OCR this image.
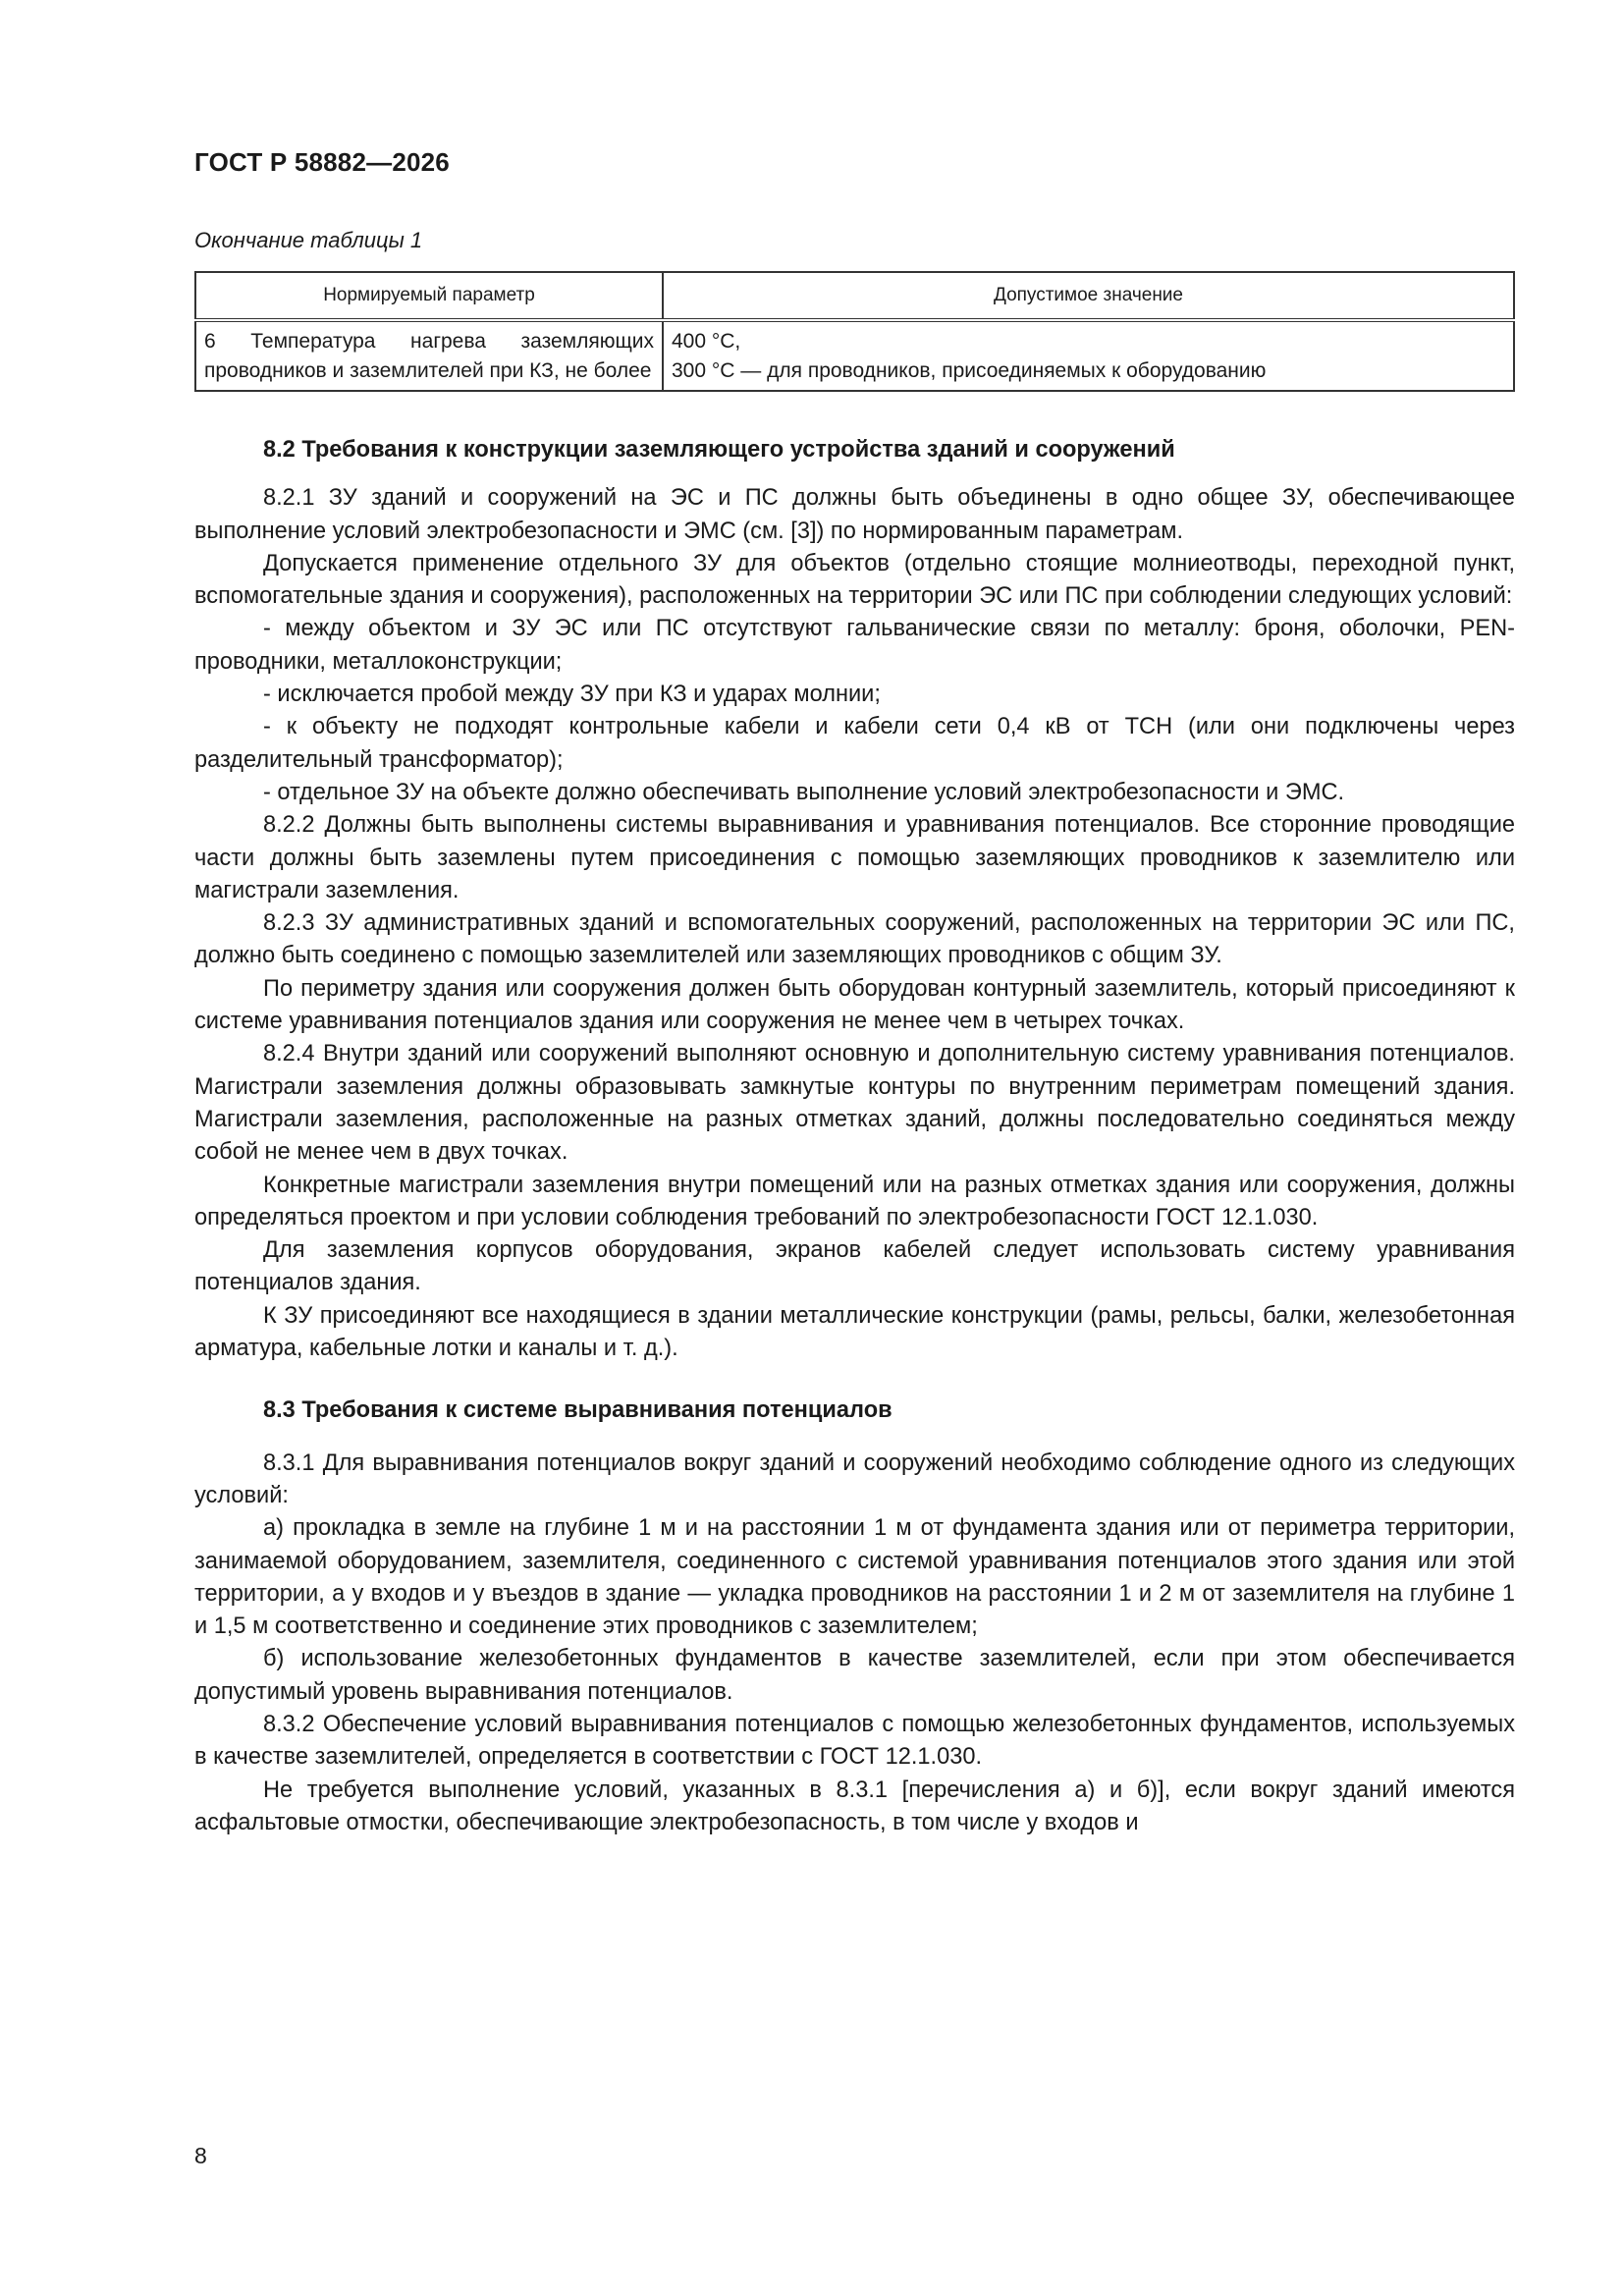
ГОСТ Р 58882—2026
Окончание таблицы 1
Нормируемый параметр	Допустимое значение
6 Температура нагрева заземляющих проводников и заземлителей при КЗ, не более	400 °С,
300 °С — для проводников, присоединяемых к оборудованию

8.2 Требования к конструкции заземляющего устройства зданий и сооружений

8.2.1 ЗУ зданий и сооружений на ЭС и ПС должны быть объединены в одно общее ЗУ, обеспечивающее выполнение условий электробезопасности и ЭМС (см. [3]) по нормированным параметрам.

Допускается применение отдельного ЗУ для объектов (отдельно стоящие молниеотводы, переходной пункт, вспомогательные здания и сооружения), расположенных на территории ЭС или ПС при соблюдении следующих условий:

- между объектом и ЗУ ЭС или ПС отсутствуют гальванические связи по металлу: броня, оболочки, PEN-проводники, металлоконструкции;

- исключается пробой между ЗУ при КЗ и ударах молнии;

- к объекту не подходят контрольные кабели и кабели сети 0,4 кВ от ТСН (или они подключены через разделительный трансформатор);

- отдельное ЗУ на объекте должно обеспечивать выполнение условий электробезопасности и ЭМС.

8.2.2 Должны быть выполнены системы выравнивания и уравнивания потенциалов. Все сторонние проводящие части должны быть заземлены путем присоединения с помощью заземляющих проводников к заземлителю или магистрали заземления.

8.2.3 ЗУ административных зданий и вспомогательных сооружений, расположенных на территории ЭС или ПС, должно быть соединено с помощью заземлителей или заземляющих проводников с общим ЗУ.

По периметру здания или сооружения должен быть оборудован контурный заземлитель, который присоединяют к системе уравнивания потенциалов здания или сооружения не менее чем в четырех точках.

8.2.4 Внутри зданий или сооружений выполняют основную и дополнительную систему уравнивания потенциалов. Магистрали заземления должны образовывать замкнутые контуры по внутренним периметрам помещений здания. Магистрали заземления, расположенные на разных отметках зданий, должны последовательно соединяться между собой не менее чем в двух точках.

Конкретные магистрали заземления внутри помещений или на разных отметках здания или сооружения, должны определяться проектом и при условии соблюдения требований по электробезопасности ГОСТ 12.1.030.

Для заземления корпусов оборудования, экранов кабелей следует использовать систему уравнивания потенциалов здания.

К ЗУ присоединяют все находящиеся в здании металлические конструкции (рамы, рельсы, балки, железобетонная арматура, кабельные лотки и каналы и т. д.).

8.3 Требования к системе выравнивания потенциалов

8.3.1 Для выравнивания потенциалов вокруг зданий и сооружений необходимо соблюдение одного из следующих условий:

а) прокладка в земле на глубине 1 м и на расстоянии 1 м от фундамента здания или от периметра территории, занимаемой оборудованием, заземлителя, соединенного с системой уравнивания потенциалов этого здания или этой территории, а у входов и у въездов в здание — укладка проводников на расстоянии 1 и 2 м от заземлителя на глубине 1 и 1,5 м соответственно и соединение этих проводников с заземлителем;

б) использование железобетонных фундаментов в качестве заземлителей, если при этом обеспечивается допустимый уровень выравнивания потенциалов.

8.3.2 Обеспечение условий выравнивания потенциалов с помощью железобетонных фундаментов, используемых в качестве заземлителей, определяется в соответствии с ГОСТ 12.1.030.

Не требуется выполнение условий, указанных в 8.3.1 [перечисления а) и б)], если вокруг зданий имеются асфальтовые отмостки, обеспечивающие электробезопасность, в том числе у входов и

8
